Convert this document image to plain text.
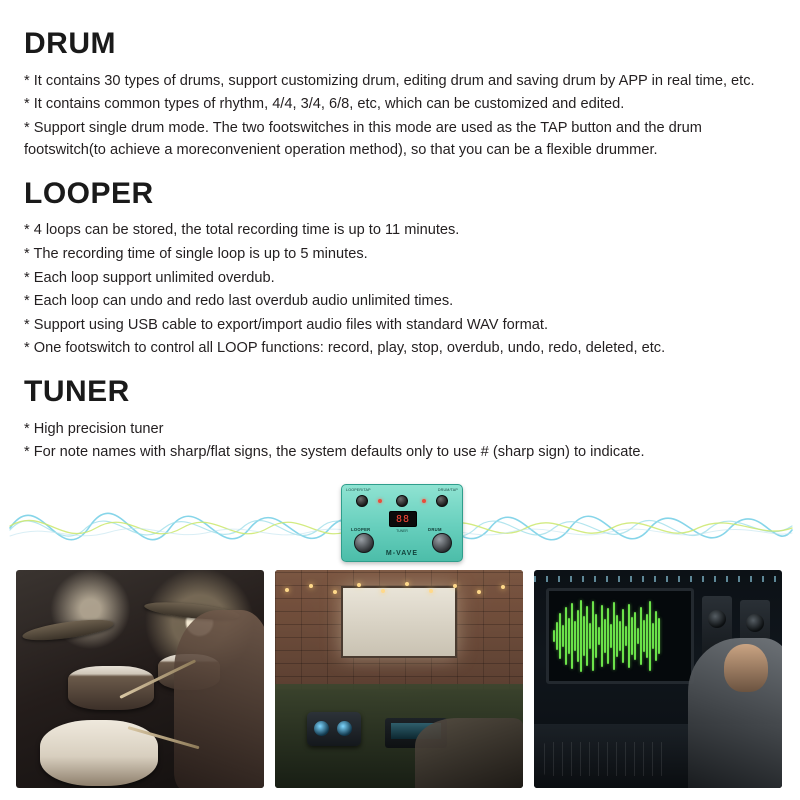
DRUM
* It contains 30 types of drums, support customizing drum, editing drum and saving drum by APP in real time, etc.
* It contains common types of rhythm, 4/4, 3/4, 6/8, etc, which can be customized and edited.
* Support single drum mode. The two footswitches in this mode are used as the TAP button and the drum footswitch(to achieve a moreconvenient operation method), so that you can be a flexible drummer.
LOOPER
* 4 loops can be stored, the total recording time is up to 11 minutes.
* The recording time of single loop is up to 5 minutes.
* Each loop support unlimited overdub.
* Each loop can undo and redo last overdub audio unlimited times.
* Support using USB cable to export/import audio files with standard WAV format.
* One footswitch to control all LOOP functions: record, play, stop, overdub, undo, redo, deleted, etc.
TUNER
* High precision tuner
* For note names with sharp/flat signs, the system defaults only to use # (sharp sign) to indicate.
LOOPER/TAP	DRUM/TAP
88
TUNER
LOOPER	DRUM
M-VAVE
